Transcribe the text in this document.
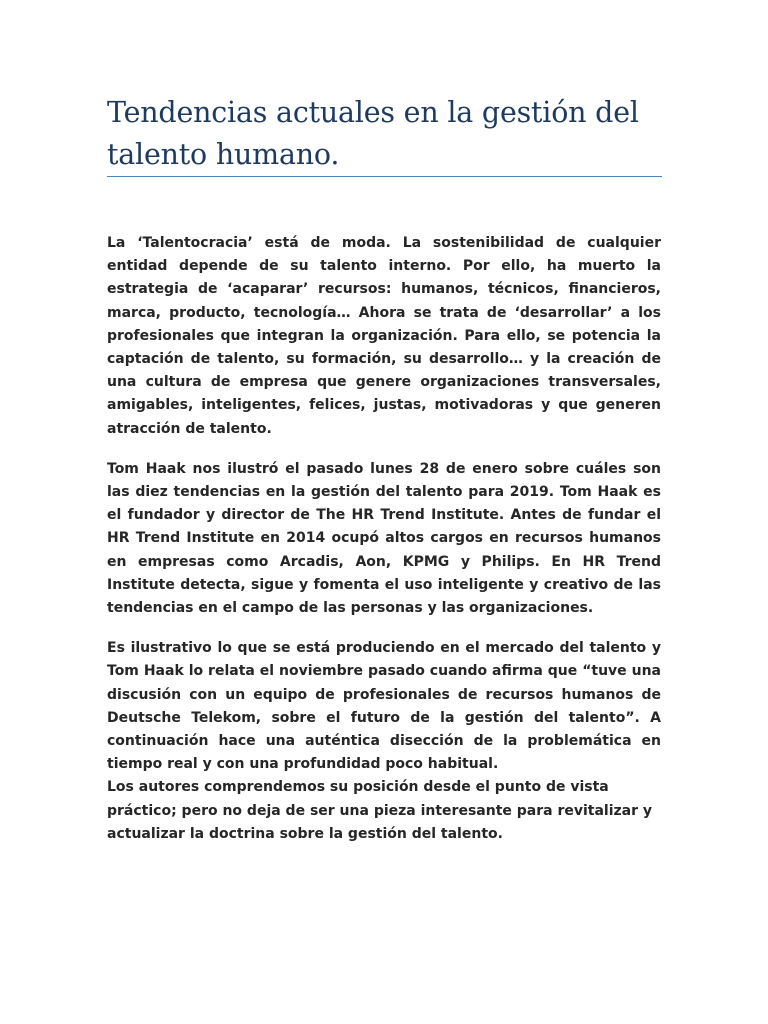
Tendencias actuales en la gestión del talento humano.

La ‘Talentocracia’ está de moda. La sostenibilidad de cualquier entidad depende de su talento interno. Por ello, ha muerto la estrategia de ‘acaparar’ recursos: humanos, técnicos, financieros, marca, producto, tecnología… Ahora se trata de ‘desarrollar’ a los profesionales que integran la organización. Para ello, se potencia la captación de talento, su formación, su desarrollo… y la creación de una cultura de empresa que genere organizaciones transversales, amigables, inteligentes, felices, justas, motivadoras y que generen atracción de talento.

Tom Haak nos ilustró el pasado lunes 28 de enero sobre cuáles son las diez tendencias en la gestión del talento para 2019. Tom Haak es el fundador y director de The HR Trend Institute. Antes de fundar el HR Trend Institute en 2014 ocupó altos cargos en recursos humanos en empresas como Arcadis, Aon, KPMG y Philips. En HR Trend Institute detecta, sigue y fomenta el uso inteligente y creativo de las tendencias en el campo de las personas y las organizaciones.

Es ilustrativo lo que se está produciendo en el mercado del talento y Tom Haak lo relata el noviembre pasado cuando afirma que “tuve una discusión con un equipo de profesionales de recursos humanos de Deutsche Telekom, sobre el futuro de la gestión del talento”. A continuación hace una auténtica disección de la problemática en tiempo real y con una profundidad poco habitual.

Los autores comprendemos su posición desde el punto de vista práctico; pero no deja de ser una pieza interesante para revitalizar y actualizar la doctrina sobre la gestión del talento.
